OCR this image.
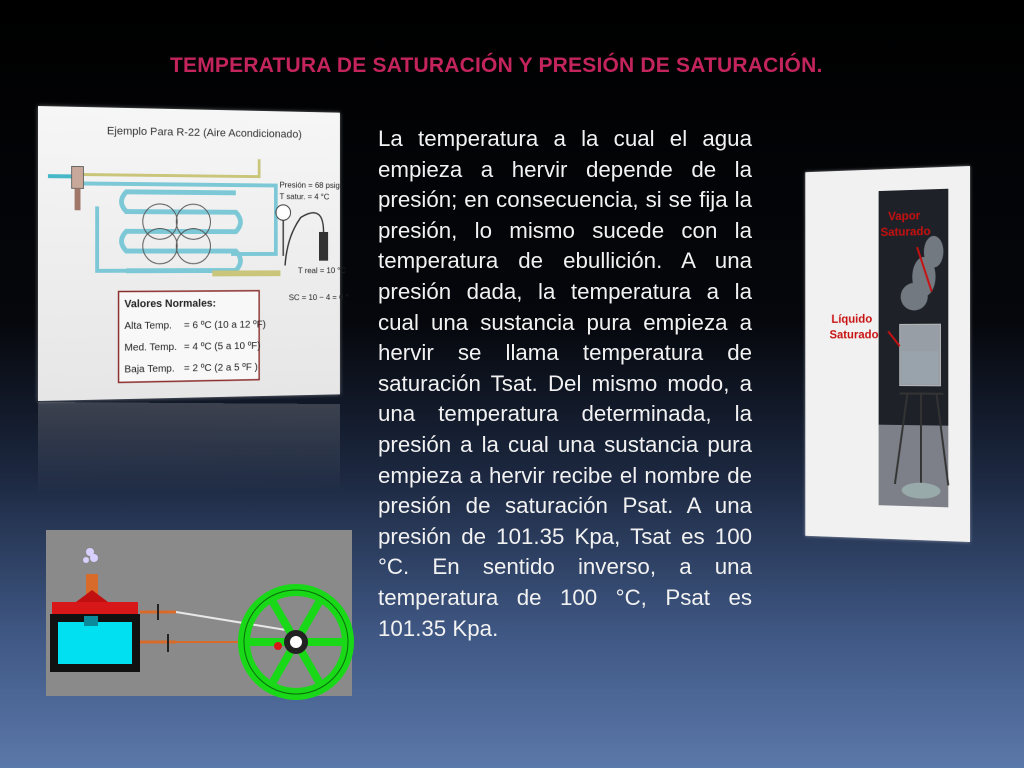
TEMPERATURA DE SATURACIÓN Y PRESIÓN DE SATURACIÓN.
Ejemplo Para R-22 (Aire Acondicionado)
Presión = 68 psig
T satur. = 4 °C
T real = 10 °C
SC = 10 − 4 = 6 °
Valores Normales:
Alta Temp. = 6 ºC (10 a 12 ºF)
Med. Temp. = 4 ºC (5 a 10 ºF)
Baja Temp. = 2 ºC (2 a 5 ºF )
La temperatura a la cual el agua empieza a hervir depende de la presión; en consecuencia, si se fija la presión, lo mismo sucede con la temperatura de ebullición. A una presión dada, la temperatura a la cual una sustancia pura empieza a hervir se llama temperatura de saturación Tsat. Del mismo modo, a una temperatura determinada, la presión a la cual una sustancia pura empieza a hervir recibe el nombre de presión de saturación Psat. A una presión de 101.35 Kpa, Tsat es 100 °C. En sentido inverso, a una temperatura de 100 °C, Psat es 101.35 Kpa.
Vapor
Saturado
Líquido
Saturado
